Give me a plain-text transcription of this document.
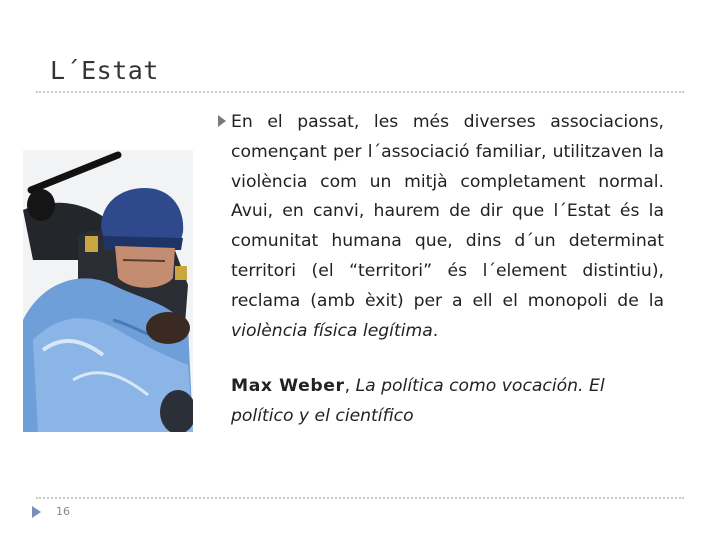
L´Estat
En el passat, les més diverses associacions, començant per l´associació familiar, utilitzaven la violència com un mitjà completament normal. Avui, en canvi, haurem de dir que l´Estat és la comunitat humana que, dins d´un determinat territori (el “territori” és l´element distintiu), reclama (amb èxit) per a ell el monopoli de la violència física legítima.
Max Weber, La política como vocación. El político y el científico
16
